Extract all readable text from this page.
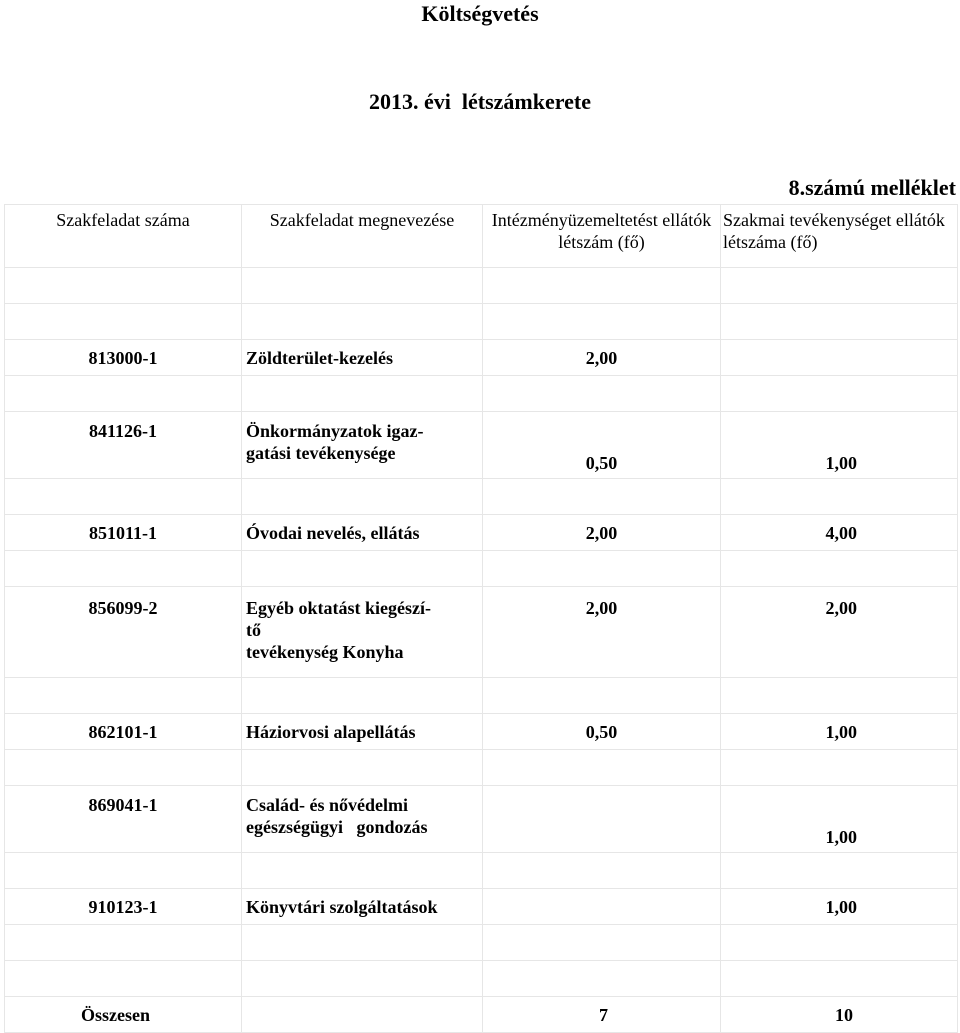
Költségvetés
2013. évi  létszámkerete
8.számú melléklet
Szakfeladat száma	Szakfeladat megnevezése	Intézményüzemeltetést ellátók létszám (fő)	Szakmai tevékenységet ellátók létszáma (fő)

813000-1	Zöldterület-kezelés	2,00	

841126-1	Önkormányzatok igaz-
gatási tevékenysége	0,50	1,00

851011-1	Óvodai nevelés, ellátás	2,00	4,00

856099-2	Egyéb oktatást kiegészí-
tő
tevékenység Konyha	2,00	2,00

862101-1	Háziorvosi alapellátás	0,50	1,00

869041-1	Család- és nővédelmi
egészségügyi   gondozás		1,00

910123-1	Könyvtári szolgáltatások		1,00

Összesen		7	10
